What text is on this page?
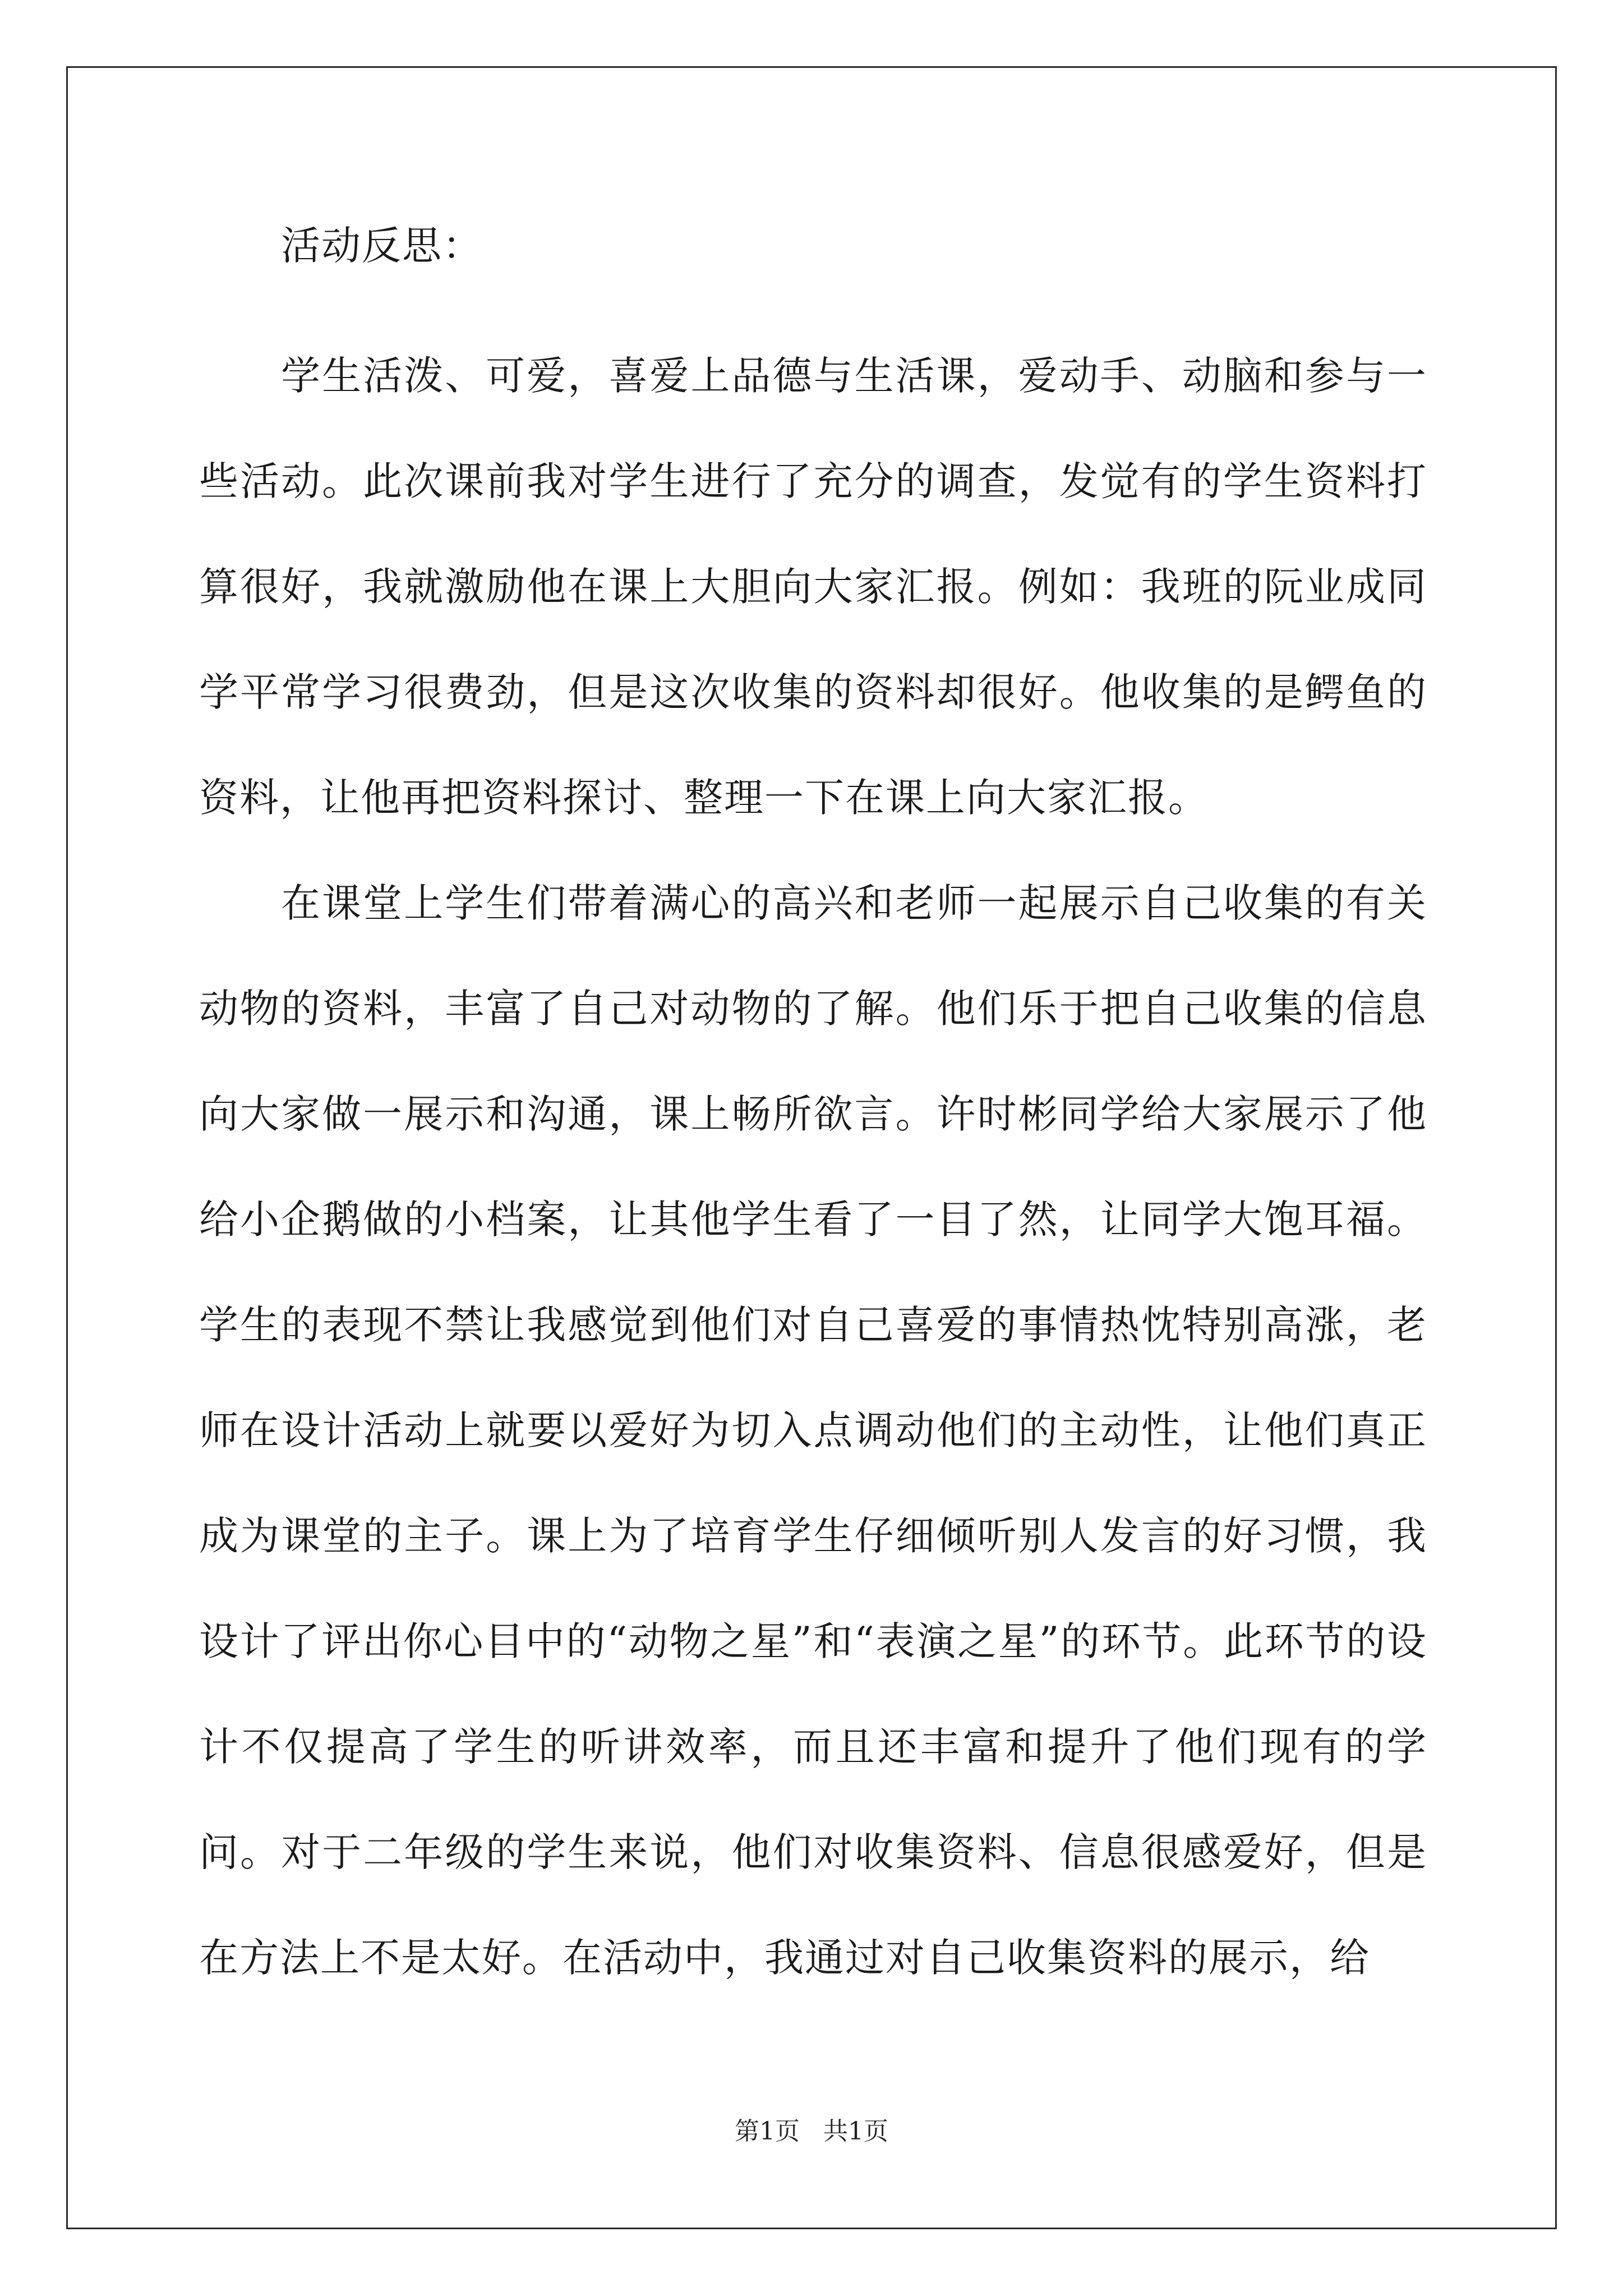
活动反思：

学生活泼、可爱，喜爱上品德与生活课，爱动手、动脑和参与一些活动。此次课前我对学生进行了充分的调查，发觉有的学生资料打算很好，我就激励他在课上大胆向大家汇报。例如：我班的阮业成同学平常学习很费劲，但是这次收集的资料却很好。他收集的是鳄鱼的资料，让他再把资料探讨、整理一下在课上向大家汇报。

在课堂上学生们带着满心的高兴和老师一起展示自己收集的有关动物的资料，丰富了自己对动物的了解。他们乐于把自己收集的信息向大家做一展示和沟通，课上畅所欲言。许时彬同学给大家展示了他给小企鹅做的小档案，让其他学生看了一目了然，让同学大饱耳福。学生的表现不禁让我感觉到他们对自己喜爱的事情热忱特别高涨，老师在设计活动上就要以爱好为切入点调动他们的主动性，让他们真正成为课堂的主子。课上为了培育学生仔细倾听别人发言的好习惯，我设计了评出你心目中的“动物之星”和“表演之星”的环节。此环节的设计不仅提高了学生的听讲效率，而且还丰富和提升了他们现有的学问。对于二年级的学生来说，他们对收集资料、信息很感爱好，但是在方法上不是太好。在活动中，我通过对自己收集资料的展示，给

第1页 共1页
